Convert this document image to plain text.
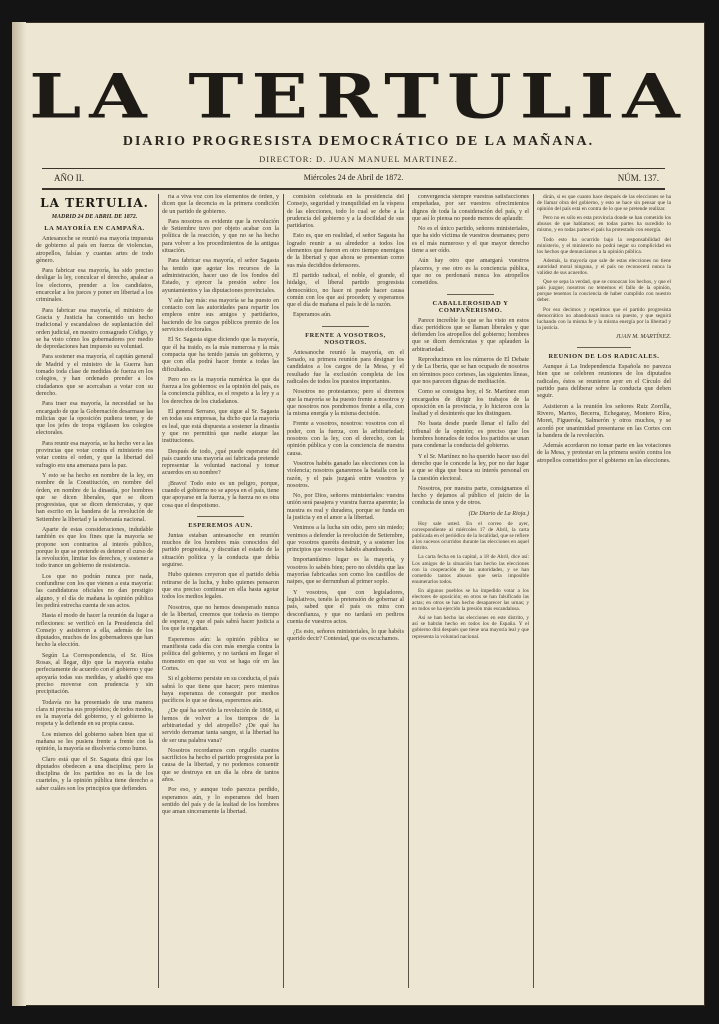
LA TERTULIA
DIARIO PROGRESISTA DEMOCRÁTICO DE LA MAÑANA.
DIRECTOR: D. JUAN MANUEL MARTINEZ.
AÑO II.	Miércoles 24 de Abril de 1872.	NÚM. 137.
LA TERTULIA.
MADRID 24 DE ABRIL DE 1872.
LA MAYORÍA EN CAMPAÑA.

Antesanoche se reunió esa mayoría impuesta de gobierno al país en fuerza de violencias, atropellos, falsías y cuantas artes de todo género.

Para fabricar esa mayoría, ha sido preciso desligar la ley, conculcar el derecho, apalear a los electores, prender a los candidatos, encarcelar a los jueces y poner en libertad a los criminales.

Para fabricar esa mayoría, el ministro de Gracia y Justicia ha consentido un hecho tradicional y escandaloso de suplantación del orden judicial, en nuestro consagrado Código, y se ha visto cómo los gobernadores por medio de depredaciones han impuesto su voluntad.

Para sostener esa mayoría, el capitán general de Madrid y el ministro de la Guerra han tomado toda clase de medidas de fuerza en los colegios, y han ordenado prender a los ciudadanos que se acercaban a votar con su derecho.

Para traer esa mayoría, la necesidad se ha encargado de que la Gobernación desarmase las milicias que la oposición pudiera tener, y de que los jefes de tropa vigilasen los colegios electorales.

Para reunir esa mayoría, se ha hecho ver a las provincias que votar contra el ministerio era votar contra el orden, y que la libertad del sufragio era una amenaza para la paz.

Y esto se ha hecho en nombre de la ley, en nombre de la Constitución, en nombre del órden, en nombre de la dinastía, por hombres que se dicen liberales, que se dicen progresistas, que se dicen demócratas, y que han escrito en la bandera de la revolución de Setiembre la libertad y la soberanía nacional.

Aparte de estas consideraciones, indudable también es que los fines que la mayoría se propone son contrarios al interés público, porque lo que se pretende es detener el curso de la revolución, limitar los derechos, y sostener a todo trance un gobierno de resistencia.

Los que no podrán nunca por nada, confundirse con los que vienen a esta mayoría: las candidaturas oficiales no dan prestigio alguno, y el día de mañana la opinión pública les pedirá estrecha cuenta de sus actos.

Hasta el modo de hacer la reunión da lugar a reflexiones: se verificó en la Presidencia del Consejo y asistieron a ella, además de los diputados, muchos de los gobernadores que han hecho la elección.

Según La Correspondencia, el Sr. Ríos Rosas, al llegar, dijo que la mayoría estaba perfectamente de acuerdo con el gobierno y que apoyaría todas sus medidas, y añadió que era preciso moverse con prudencia y sin precipitación.

Todavía no ha presentado de una manera clara ni precisa sus propósitos; de todos modos, es la mayoría del gobierno, y el gobierno la respeta y la defiende en su propia causa.

Los mismos del gobierno saben bien que si mañana se les pusiera frente a frente con la opinión, la mayoría se disolvería como humo.

Claro está que el Sr. Sagasta dirá que los diputados obedecen a una disciplina; pero la disciplina de los partidos no es la de los cuarteles, y la opinión pública tiene derecho a saber cuáles son los principios que defienden.

ría a viva voz con los elementos de órden, y dicen que la decencia es la primera condición de un partido de gobierno.

Para nosotros es evidente que la revolución de Setiembre tuvo por objeto acabar con la política de la reacción, y que no se ha hecho para volver a los procedimientos de la antigua situación.

Para fabricar esa mayoría, el señor Sagasta ha tenido que agotar los recursos de la administración, hacer uso de los fondos del Estado, y ejercer la presión sobre los ayuntamientos y las diputaciones provinciales.

Y aún hay más: esa mayoría se ha puesto en contacto con las autoridades para repartir los empleos entre sus amigos y partidarios, haciendo de los cargos públicos premio de los servicios electorales.

El Sr. Sagasta sigue diciendo que la mayoría, que él ha traido, es la más numerosa y la más compacta que ha tenido jamás un gobierno, y que con ella podrá hacer frente a todas las dificultades.

Pero no es la mayoría numérica la que da fuerza a los gobiernos: es la opinión del país, es la conciencia pública, es el respeto a la ley y a los derechos de los ciudadanos.

El general Serrano, que sigue al Sr. Sagasta en todas sus empresas, ha dicho que la mayoría es leal, que está dispuesta a sostener la dinastía y que no permitirá que nadie ataque las instituciones.

Después de todo, ¿qué puede esperarse del país cuando una mayoría así fabricada pretende representar la voluntad nacional y tomar acuerdos en su nombre?

¡Bravo! Todo esto es un peligro, porque, cuando el gobierno no se apoya en el país, tiene que apoyarse en la fuerza, y la fuerza no es otra cosa que el despotismo.

ESPEREMOS AUN.

Juntas estaban antesanoche en reunión muchos de los hombres más conocidos del partido progresista, y discutían el estado de la situación política y la conducta que debía seguirse.

Hubo quienes creyeron que el partido debía retirarse de la lucha, y hubo quienes pensaron que era preciso continuar en ella hasta agotar todos los medios legales.

Nosotros, que no hemos desesperado nunca de la libertad, creemos que todavía es tiempo de esperar, y que el país sabrá hacer justicia a los que le engañan.

Esperemos aún: la opinión pública se manifiesta cada día con más energía contra la política del gobierno, y no tardará en llegar el momento en que su voz se haga oír en las Cortes.

Si el gobierno persiste en su conducta, el país sabrá lo que tiene que hacer; pero mientras haya esperanza de conseguir por medios pacíficos lo que se desea, esperemos aún.

¿De qué ha servido la revolución de 1868, si hemos de volver a los tiempos de la arbitrariedad y del atropello? ¿De qué ha servido derramar tanta sangre, si la libertad ha de ser una palabra vana?

Nosotros recordamos con orgullo cuantos sacrificios ha hecho el partido progresista por la causa de la libertad, y no podemos consentir que se destruya en un día la obra de tantos años.

Por eso, y aunque todo parezca perdido, esperamos aún, y lo esperamos del buen sentido del país y de la lealtad de los hombres que aman sinceramente la libertad.

comisión celebrada en la presidencia del Consejo, seguridad y tranquilidad en la víspera de las elecciones, todo lo cual se debe a la prudencia del gobierno y a la docilidad de sus partidarios.

Esto es, que en realidad, el señor Sagasta ha logrado reunir a su alrededor a todos los elementos que fueron en otro tiempo enemigos de la libertad y que ahora se presentan como sus más decididos defensores.

El partido radical, el noble, el grande, el hidalgo, el liberal partido progresista democrático, no hace ni puede hacer causa común con los que así proceden; y esperamos que el día de mañana el país le dé la razón.

Esperamos aún.

FRENTE A VOSOTROS, NOSOTROS.

Antesanoche reunió la mayoría, en el Senado, su primera reunión para designar los candidatos a los cargos de la Mesa, y el resultado fue la exclusión completa de los radicales de todos los puestos importantes.

Nosotros no protestamos; pero sí diremos que la mayoría se ha puesto frente a nosotros y que nosotros nos pondremos frente a ella, con la misma energía y la misma decisión.

Frente a vosotros, nosotros: vosotros con el poder, con la fuerza, con la arbitrariedad; nosotros con la ley, con el derecho, con la opinión pública y con la conciencia de nuestra causa.

Vosotros habéis ganado las elecciones con la violencia; nosotros ganaremos la batalla con la razón, y el país juzgará entre vosotros y nosotros.

No, por Dios, señores ministeriales: vuestra unión será pasajera y vuestra fuerza aparente; la nuestra es real y duradera, porque se funda en la justicia y en el amor a la libertad.

Venimos a la lucha sin odio, pero sin miedo; venimos a defender la revolución de Setiembre, que vosotros queréis destruir, y a sostener los principios que vosotros habéis abandonado.

Importantísimo lugar es la mayoría, y vosotros lo sabéis bien; pero no olvidéis que las mayorías fabricadas son como los castillos de naipes, que se derrumban al primer soplo.

Y vosotros, que con legisladores, legislativos, tenéis la pretensión de gobernar al país, sabed que el país os mira con desconfianza, y que no tardará en pediros cuenta de vuestros actos.

¿Es esto, señores ministeriales, lo que habéis querido decir? Contestad, que os escuchamos.

convergencia siempre vuestras satisfacciones empeñadas, por ser vuestros ofrecimientos dignos de toda la consideración del país, y el que así lo piensa no puede menos de aplaudir.

No es el único partido, señores ministeriales, que ha sido víctima de vuestros desmanes; pero es el más numeroso y el que mayor derecho tiene a ser oído.

Aún hay otro que amargará vuestros placeres, y ese otro es la conciencia pública, que no os perdonará nunca los atropellos cometidos.

CABALLEROSIDAD Y COMPAÑERISMO.

Parece increíble lo que se ha visto en estos días: periódicos que se llaman liberales y que defienden los atropellos del gobierno; hombres que se dicen demócratas y que aplauden la arbitrariedad.

Reproducimos en los números de El Debate y de La Iberia, que se han ocupado de nosotros en términos poco corteses, las siguientes líneas, que nos parecen dignas de meditación.

Como se consigna hoy, el Sr. Martínez eran encargados de dirigir los trabajos de la oposición en la provincia, y lo hicieron con la lealtad y el desinterés que les distinguen.

No basta desde puede llenar el fallo del tribunal de la opinión; es preciso que los hombres honrados de todos los partidos se unan para condenar la conducta del gobierno.

Y el Sr. Martínez no ha querido hacer uso del derecho que le concede la ley, por no dar lugar a que se diga que busca su interés personal en la cuestión electoral.

Nosotros, por nuestra parte, consignamos el hecho y dejamos al público el juicio de la conducta de unos y de otros.

(De Diario de La Rioja.)

Hoy sale usted. En el correo de ayer, correspondiente al miércoles 17 de Abril, la carta publicada en el periódico de la localidad, que se refiere a los sucesos ocurridos durante las elecciones en aquel distrito.

La carta fecha en la capital, a 18 de Abril, dice así: Los amigos de la situación han hecho las elecciones con la cooperación de las autoridades, y se han cometido tantos abusos que sería imposible enumerarlos todos.

En algunos pueblos se ha impedido votar a los electores de oposición; en otros se han falsificado las actas; en otros se han hecho desaparecer las urnas; y en todos se ha ejercido la presión más escandalosa.

Así se han hecho las elecciones en este distrito, y así se habrán hecho en todos los de España. Y el gobierno dirá después que tiene una mayoría leal y que representa la voluntad nacional.

dirán, si es que cuanto hace después de las elecciones se ha de llamar obra del gobierno, y esto se hace sin pensar que la opinión del país está en contra de lo que se pretende realizar.

Pero no es sólo en esta provincia donde se han cometido los abusos de que hablamos; en todas partes ha sucedido lo mismo, y en todas partes el país ha protestado con energía.

Todo esto ha ocurrido bajo la responsabilidad del ministerio, y el ministerio no podrá negar su complicidad en los hechos que denunciamos a la opinión pública.

Además, la mayoría que sale de estas elecciones no tiene autoridad moral ninguna, y el país no reconocerá nunca la validez de sus acuerdos.

Que se sepa la verdad, que se conozcan los hechos, y que el país juzgue; nosotros no tememos el fallo de la opinión, porque tenemos la conciencia de haber cumplido con nuestro deber.

Por eso decimos y repetimos que el partido progresista democrático no abandonará nunca su puesto, y que seguirá luchando con la misma fe y la misma energía por la libertad y la justicia.

JUAN M. MARTÍNEZ.

REUNION DE LOS RADICALES.

Aunque á La Independencia Española no parezca bien que se celebren reuniones de los diputados radicales, éstos se reunieron ayer en el Círculo del partido para deliberar sobre la conducta que deben seguir.

Asistieron a la reunión los señores Ruiz Zorrilla, Rivero, Martos, Becerra, Echegaray, Montero Ríos, Moret, Figuerola, Salmerón y otros muchos, y se acordó por unanimidad presentarse en las Cortes con la bandera de la revolución.

Además acordaron no tomar parte en las votaciones de la Mesa, y protestar en la primera sesión contra los atropellos cometidos por el gobierno en las elecciones.
